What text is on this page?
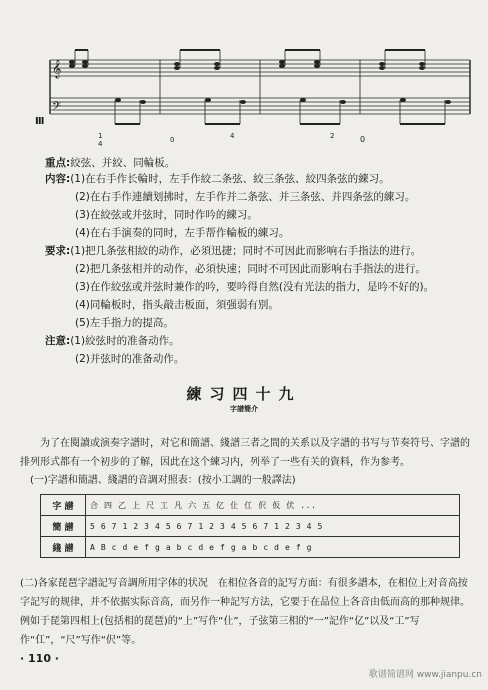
𝄞
𝄢
1
4	0	4	2	0
Ⅲ
重点:絞弦、并絞、同輪板。
内容:(1)在右手作长輪时，左手作絞二条弦、絞三条弦、絞四条弦的練习。
(2)在右手作連續划拂时，左手作并二条弦、并三条弦、并四条弦的練习。
(3)在絞弦或并弦时，同时作吟的練习。
(4)在右手演奏的同时，左手帮作輪板的練习。
要求:(1)把几条弦相絞的动作，必須迅捷；同时不可因此而影响右手指法的进行。
(2)把几条弦相并的动作，必須快速；同时不可因此而影响右手指法的进行。
(3)在作絞弦或并弦时兼作的吟，要吟得自然(没有光法的指力，是吟不好的)。
(4)同輪板时，指头敲击板面，須强弱有别。
(5)左手指力的提高。
注意:(1)絞弦时的准备动作。
(2)并弦时的准备动作。
練习四十九
字譜簡介
为了在閱讀或演奏字譜时，对它和簡譜、綫譜三者之間的关系以及字譜的书写与节奏符号、字譜的排列形式都有一个初步的了解，因此在这个練习内，列举了一些有关的資料，作为参考。
(一)字譜和簡譜、綫譜的音調对照表：(按小工調的一般譯法)
字 譜	合 四 乙 上 尺 工 凡 六 五 亿 仩 仜 伬 仮 伏 ...
簡 譜	5 6 7 1 2 3 4 5 6 7 1 2 3 4 5 6 7 1 2 3 4 5
綫 譜	A B c d e f g a b c d e f g a b c d e f g
(二)各家琵琶字譜記写音調所用字体的状况　在相位各音的記写方面：有很多譜本，在相位上对音高按字記写的规律，并不依据实际音高，而另作一种記写方法，它要于在品位上各音由低而高的那种规律。例如于琵第四相上(包括相的琵琶)的“上”写作“仩”，子弦第三相的“一”記作“亿”以及“工”写作“仜”，“尺”写作“伬”等。
· 110 ·
歌谱简谱网 www.jianpu.cn
